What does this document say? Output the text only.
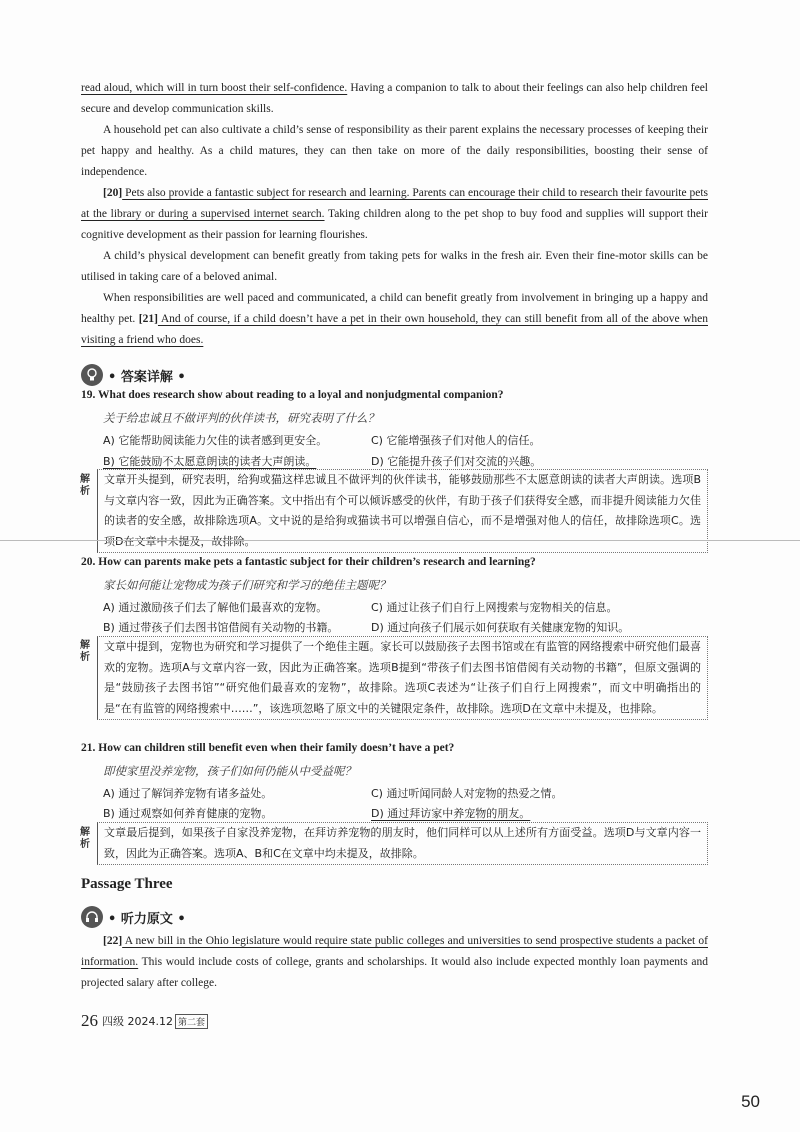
read aloud, which will in turn boost their self-confidence. Having a companion to talk to about their feelings can also help children feel secure and develop communication skills.
A household pet can also cultivate a child’s sense of responsibility as their parent explains the necessary processes of keeping their pet happy and healthy. As a child matures, they can then take on more of the daily responsibilities, boosting their sense of independence.
[20] Pets also provide a fantastic subject for research and learning. Parents can encourage their child to research their favourite pets at the library or during a supervised internet search. Taking children along to the pet shop to buy food and supplies will support their cognitive development as their passion for learning flourishes.
A child’s physical development can benefit greatly from taking pets for walks in the fresh air. Even their fine-motor skills can be utilised in taking care of a beloved animal.
When responsibilities are well paced and communicated, a child can benefit greatly from involvement in bringing up a happy and healthy pet. [21] And of course, if a child doesn’t have a pet in their own household, they can still benefit from all of the above when visiting a friend who does.
• 答案详解 •
19. What does research show about reading to a loyal and nonjudgmental companion?
关于给忠诚且不做评判的伙伴读书，研究表明了什么？
A) 它能帮助阅读能力欠佳的读者感到更安全。	C) 它能增强孩子们对他人的信任。
B) 它能鼓励不太愿意朗读的读者大声朗读。	D) 它能提升孩子们对交流的兴趣。
解析
文章开头提到，研究表明，给狗或猫这样忠诚且不做评判的伙伴读书，能够鼓励那些不太愿意朗读的读者大声朗读。选项B与文章内容一致，因此为正确答案。文中指出有个可以倾诉感受的伙伴，有助于孩子们获得安全感，而非提升阅读能力欠佳的读者的安全感，故排除选项A。文中说的是给狗或猫读书可以增强自信心，而不是增强对他人的信任，故排除选项C。选项D在文章中未提及，故排除。
20. How can parents make pets a fantastic subject for their children’s research and learning?
家长如何能让宠物成为孩子们研究和学习的绝佳主题呢？
A) 通过激励孩子们去了解他们最喜欢的宠物。	C) 通过让孩子们自行上网搜索与宠物相关的信息。
B) 通过带孩子们去图书馆借阅有关动物的书籍。	D) 通过向孩子们展示如何获取有关健康宠物的知识。
解析
文章中提到，宠物也为研究和学习提供了一个绝佳主题。家长可以鼓励孩子去图书馆或在有监管的网络搜索中研究他们最喜欢的宠物。选项A与文章内容一致，因此为正确答案。选项B提到“带孩子们去图书馆借阅有关动物的书籍”，但原文强调的是“鼓励孩子去图书馆”“研究他们最喜欢的宠物”，故排除。选项C表述为“让孩子们自行上网搜索”，而文中明确指出的是“在有监管的网络搜索中……”，该选项忽略了原文中的关键限定条件，故排除。选项D在文章中未提及，也排除。
21. How can children still benefit even when their family doesn’t have a pet?
即使家里没养宠物，孩子们如何仍能从中受益呢？
A) 通过了解饲养宠物有诸多益处。	C) 通过听闻同龄人对宠物的热爱之情。
B) 通过观察如何养育健康的宠物。	D) 通过拜访家中养宠物的朋友。
解析
文章最后提到，如果孩子自家没养宠物，在拜访养宠物的朋友时，他们同样可以从上述所有方面受益。选项D与文章内容一致，因此为正确答案。选项A、B和C在文章中均未提及，故排除。
Passage Three
• 听力原文 •
[22] A new bill in the Ohio legislature would require state public colleges and universities to send prospective students a packet of information. This would include costs of college, grants and scholarships. It would also include expected monthly loan payments and projected salary after college.
26 四级 2024.12 第二套
50
